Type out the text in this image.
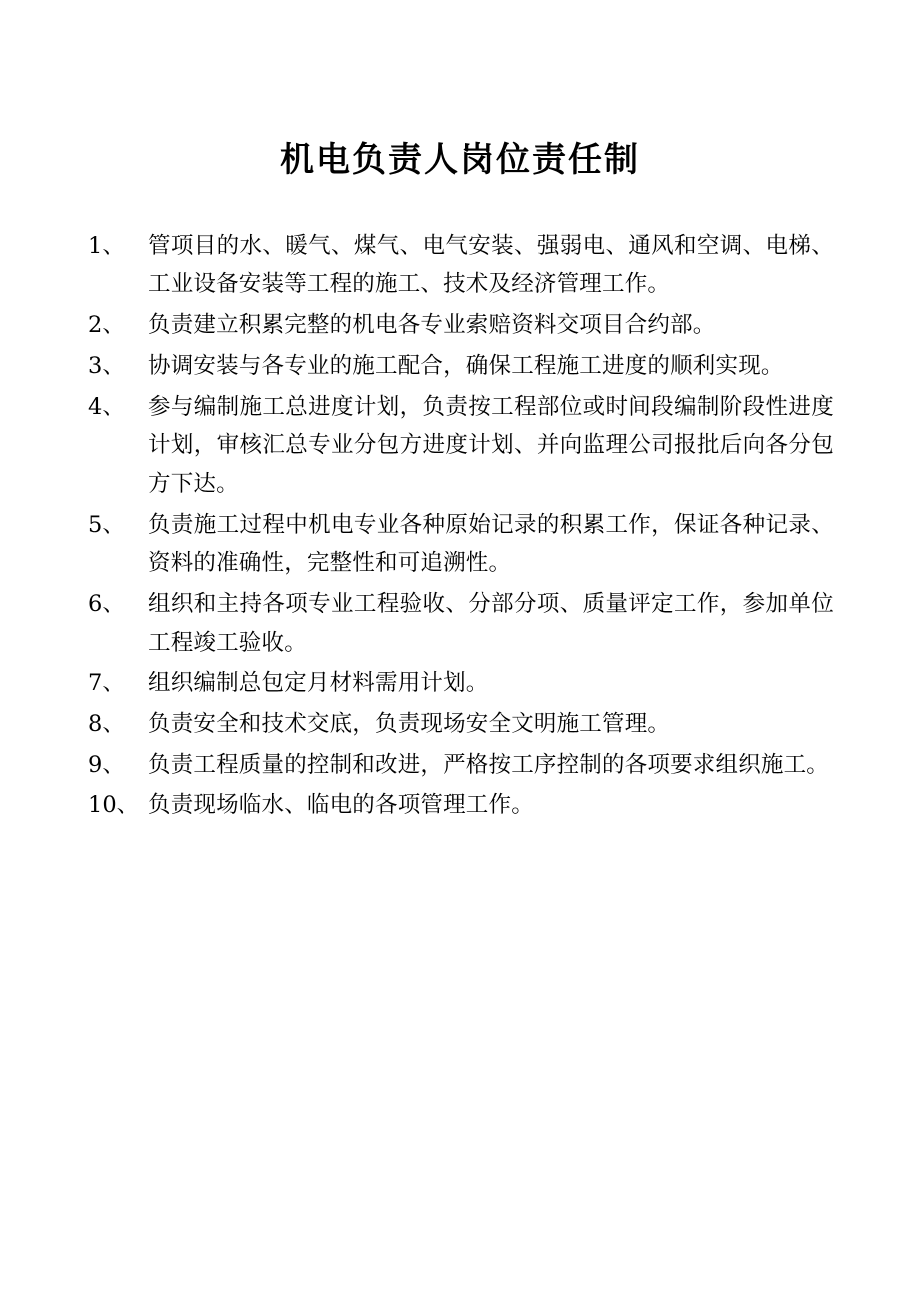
机电负责人岗位责任制
1、	管项目的水、暖气、煤气、电气安装、强弱电、通风和空调、电梯、工业设备安装等工程的施工、技术及经济管理工作。
2、	负责建立积累完整的机电各专业索赔资料交项目合约部。
3、	协调安装与各专业的施工配合，确保工程施工进度的顺利实现。
4、	参与编制施工总进度计划，负责按工程部位或时间段编制阶段性进度计划，审核汇总专业分包方进度计划、并向监理公司报批后向各分包方下达。
5、	负责施工过程中机电专业各种原始记录的积累工作，保证各种记录、资料的准确性，完整性和可追溯性。
6、	组织和主持各项专业工程验收、分部分项、质量评定工作，参加单位工程竣工验收。
7、	组织编制总包定月材料需用计划。
8、	负责安全和技术交底，负责现场安全文明施工管理。
9、	负责工程质量的控制和改进，严格按工序控制的各项要求组织施工。
10、 负责现场临水、临电的各项管理工作。
